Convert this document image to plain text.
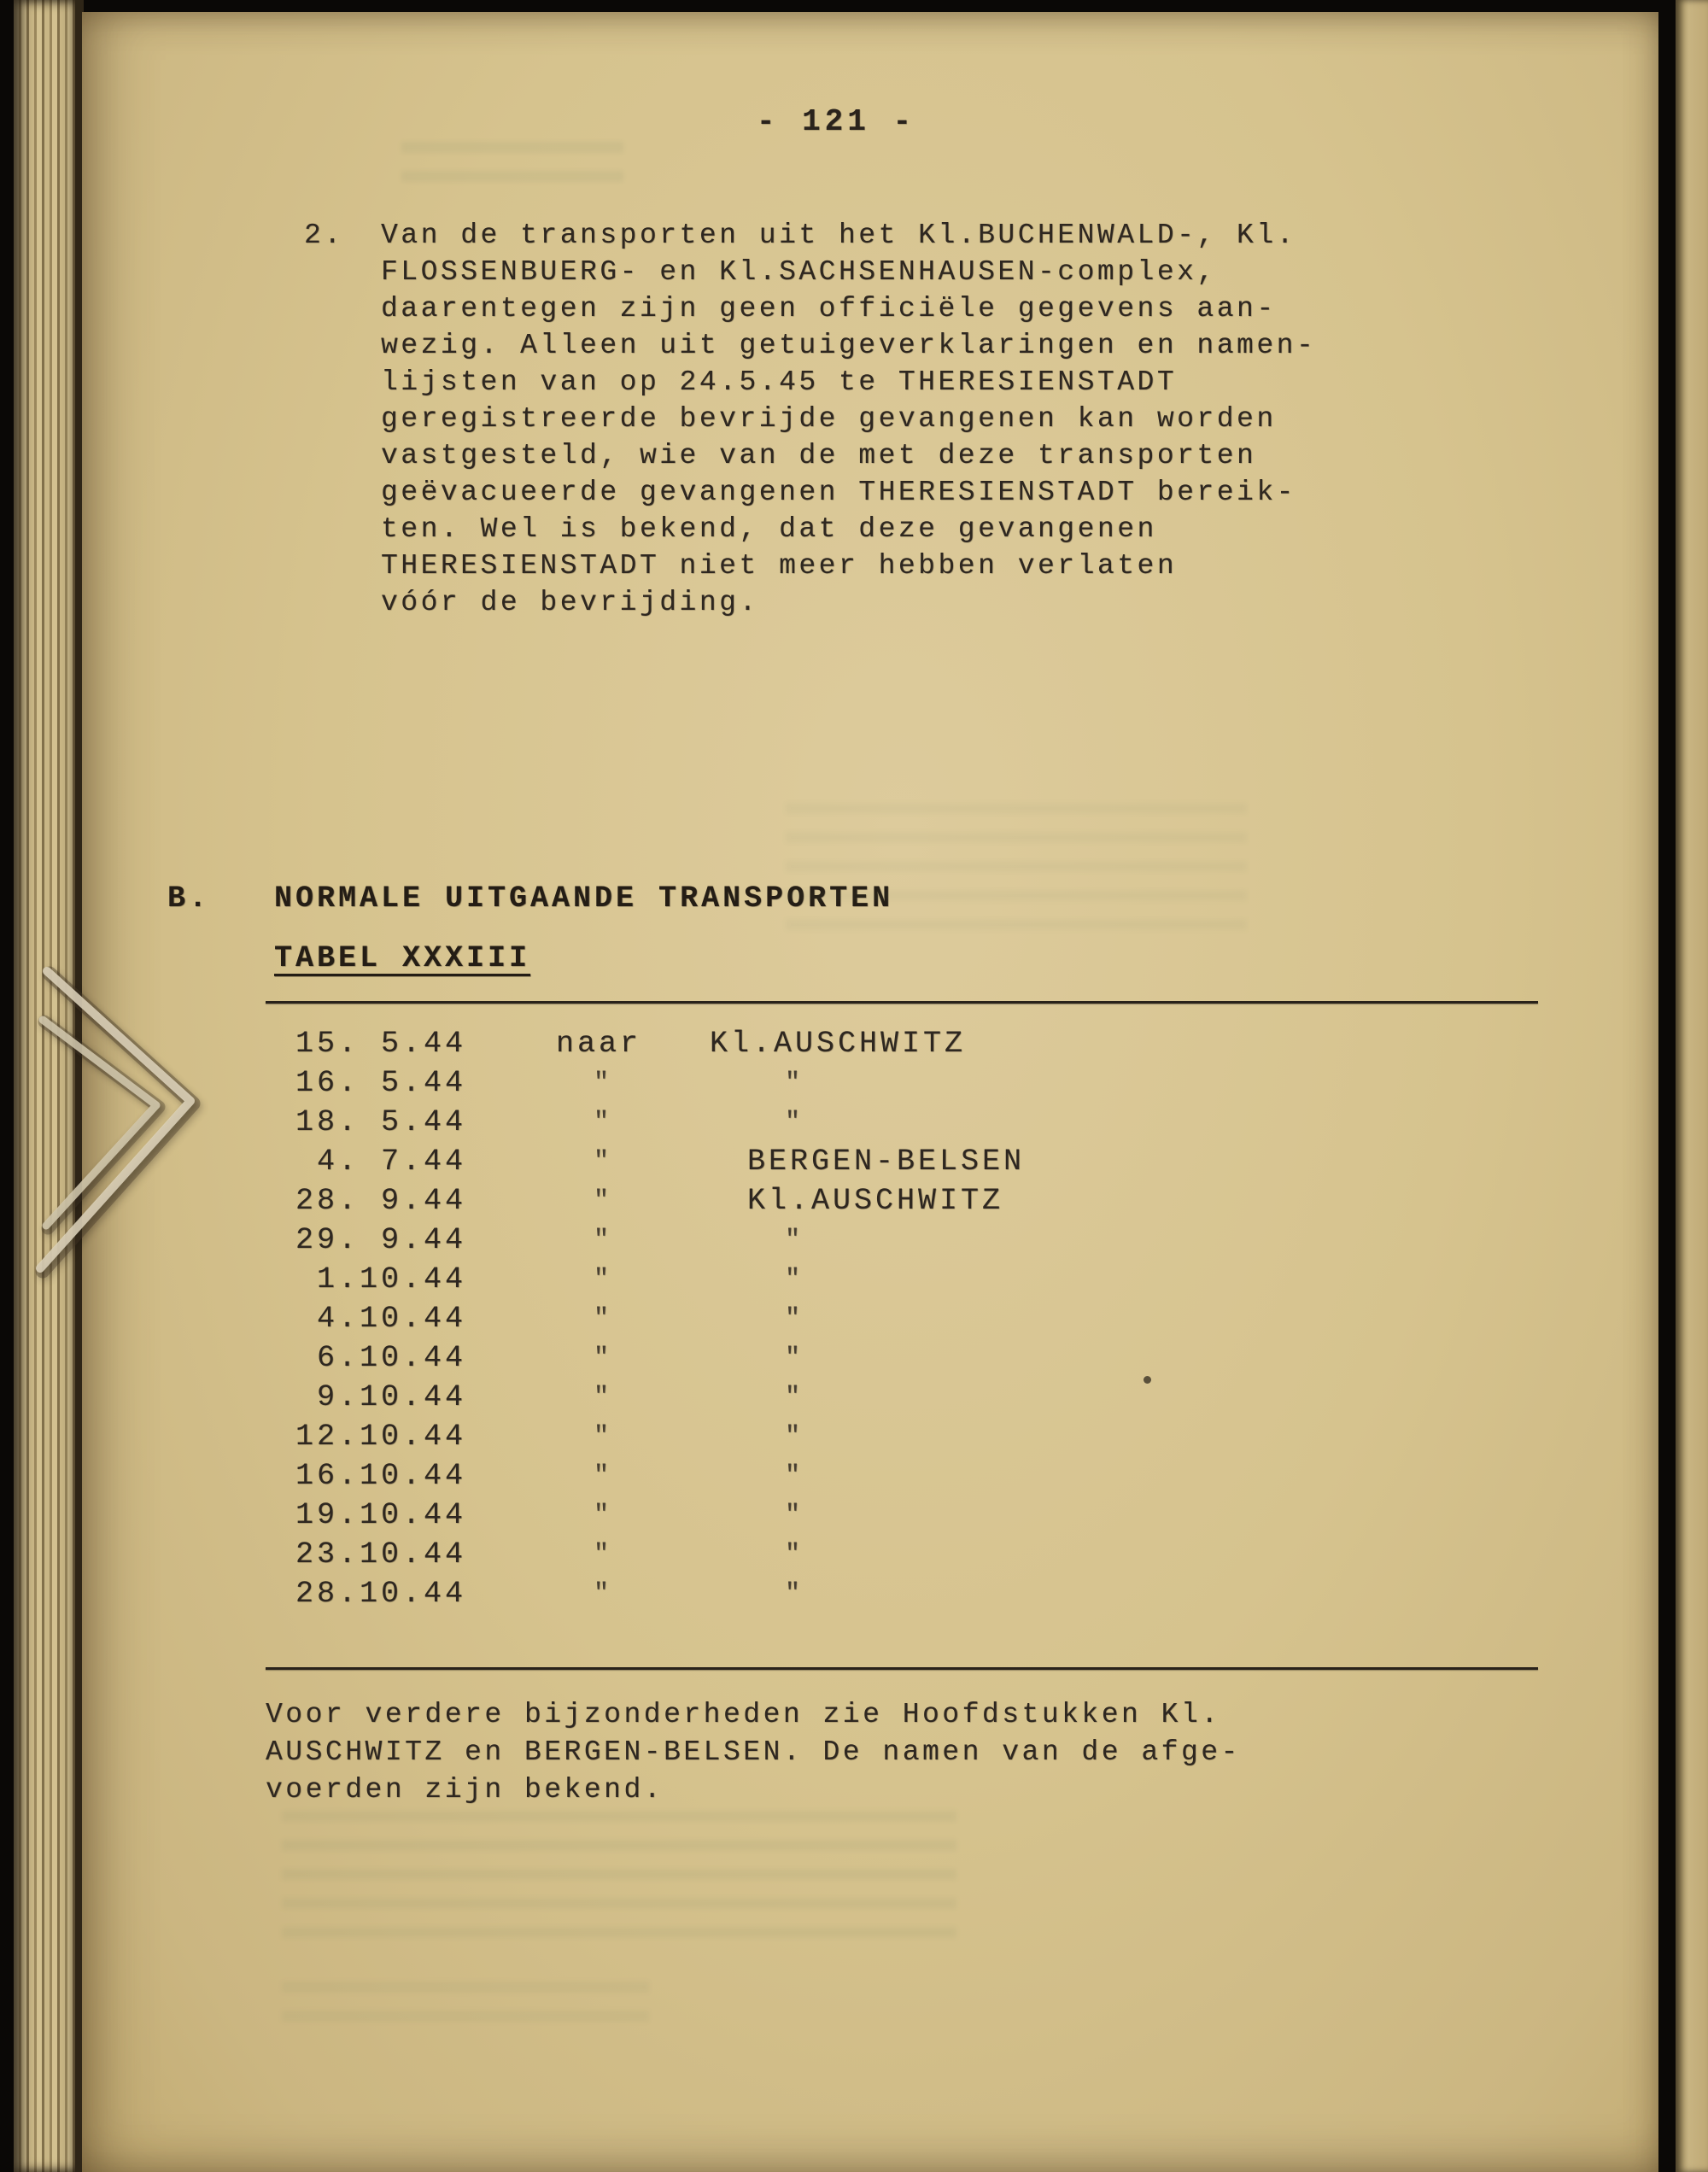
- 121 -
2.	Van de transporten uit het Kl.BUCHENWALD-, Kl.
FLOSSENBUERG- en Kl.SACHSENHAUSEN-complex,
daarentegen zijn geen officiële gegevens aan-
wezig. Alleen uit getuigeverklaringen en namen-
lijsten van op 24.5.45 te THERESIENSTADT
geregistreerde bevrijde gevangenen kan worden
vastgesteld, wie van de met deze transporten
geëvacueerde gevangenen THERESIENSTADT bereik-
ten. Wel is bekend, dat deze gevangenen
THERESIENSTADT niet meer hebben verlaten
vóór de bevrijding.
B.	NORMALE UITGAANDE TRANSPORTEN
TABEL XXXIII
15. 5.44	naar	Kl.AUSCHWITZ
16. 5.44	"	"
18. 5.44	"	"
4. 7.44	"	BERGEN-BELSEN
28. 9.44	"	Kl.AUSCHWITZ
29. 9.44	"	"
1.10.44	"	"
4.10.44	"	"
6.10.44	"	"
9.10.44	"	"
12.10.44	"	"
16.10.44	"	"
19.10.44	"	"
23.10.44	"	"
28.10.44	"	"
Voor verdere bijzonderheden zie Hoofdstukken Kl.
AUSCHWITZ en BERGEN-BELSEN. De namen van de afge-
voerden zijn bekend.
